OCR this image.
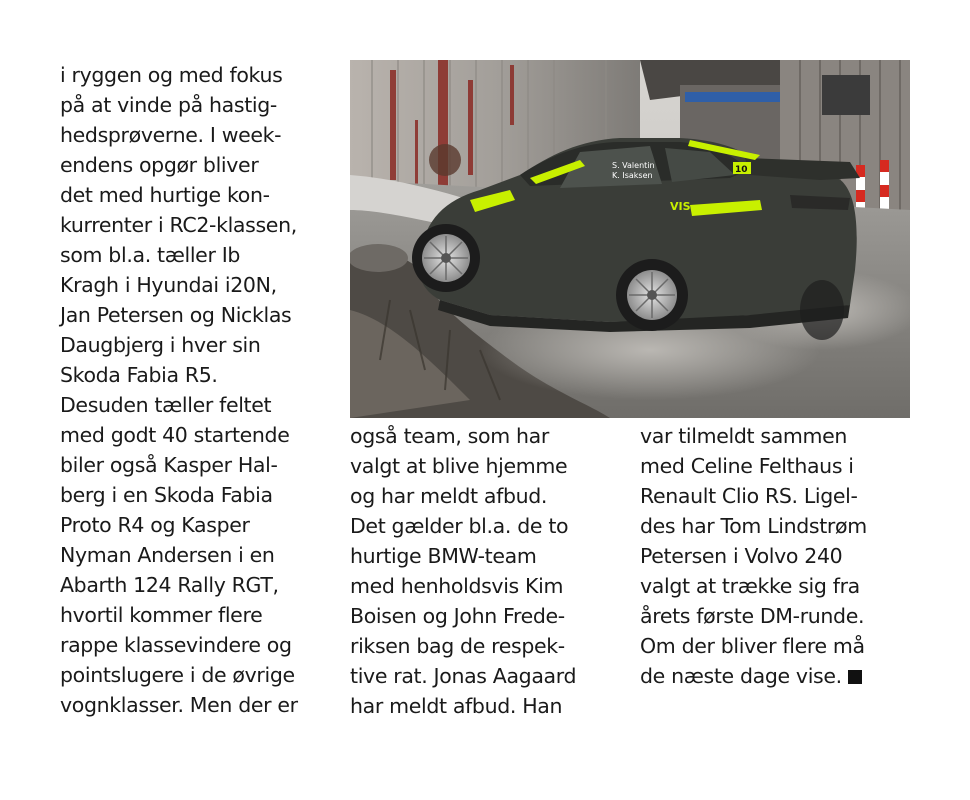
i ryggen og med fokus
på at vinde på hastig-
hedsprøverne. I week-
endens opgør bliver
det med hurtige kon-
kurrenter i RC2-klassen,
som bl.a. tæller Ib
Kragh i Hyundai i20N,
Jan Petersen og Nicklas
Daugbjerg i hver sin
Skoda Fabia R5.
Desuden tæller feltet
med godt 40 startende
biler også Kasper Hal-
berg i en Skoda Fabia
Proto R4 og Kasper
Nyman Andersen i en
Abarth 124 Rally RGT,
hvortil kommer flere
rappe klassevindere og
pointslugere i de øvrige
vognklasser. Men der er
S. Valentin
K. Isaksen
VIS
10
også team, som har
valgt at blive hjemme
og har meldt afbud.
Det gælder bl.a. de to
hurtige BMW-team
med henholdsvis Kim
Boisen og John Frede-
riksen bag de respek-
tive rat. Jonas Aagaard
har meldt afbud. Han
var tilmeldt sammen
med Celine Felthaus i
Renault Clio RS. Ligel-
des har Tom Lindstrøm
Petersen i Volvo 240
valgt at trække sig fra
årets første DM-runde.
Om der bliver flere må
de næste dage vise.
